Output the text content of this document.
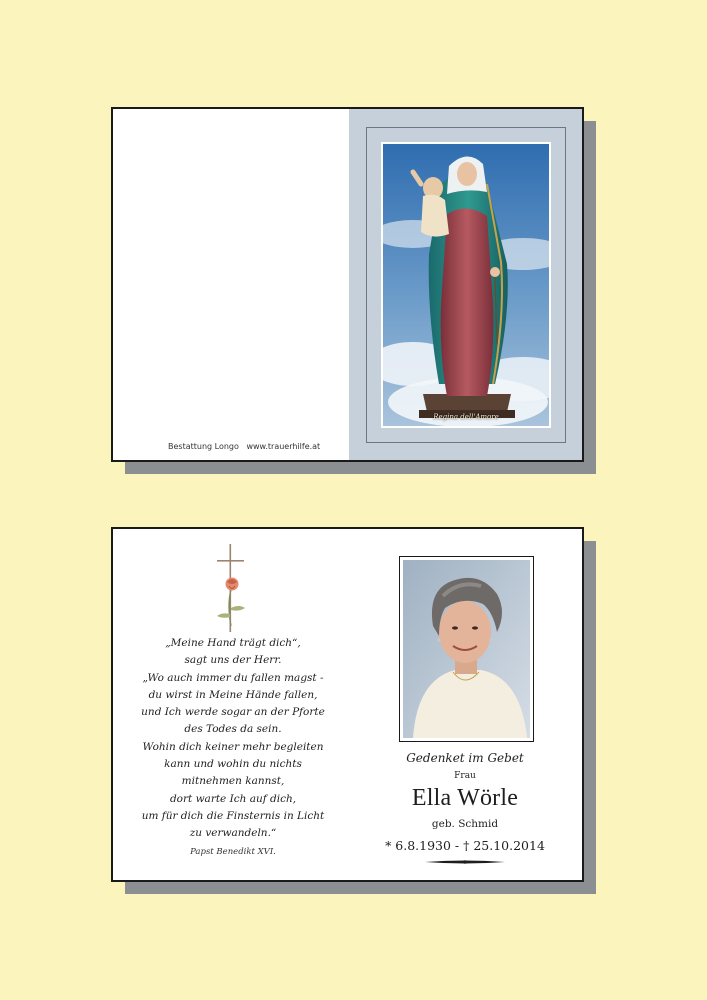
Bestattung Longo www.trauerhilfe.at
Regina dell'Amore
„Meine Hand trägt dich“,
sagt uns der Herr.
„Wo auch immer du fallen magst -
du wirst in Meine Hände fallen,
und Ich werde sogar an der Pforte
des Todes da sein.
Wohin dich keiner mehr begleiten
kann und wohin du nichts
mitnehmen kannst,
dort warte Ich auf dich,
um für dich die Finsternis in Licht
zu verwandeln.“
Papst Benedikt XVI.
Gedenket im Gebet
Frau
Ella Wörle
geb. Schmid
* 6.8.1930 - † 25.10.2014
